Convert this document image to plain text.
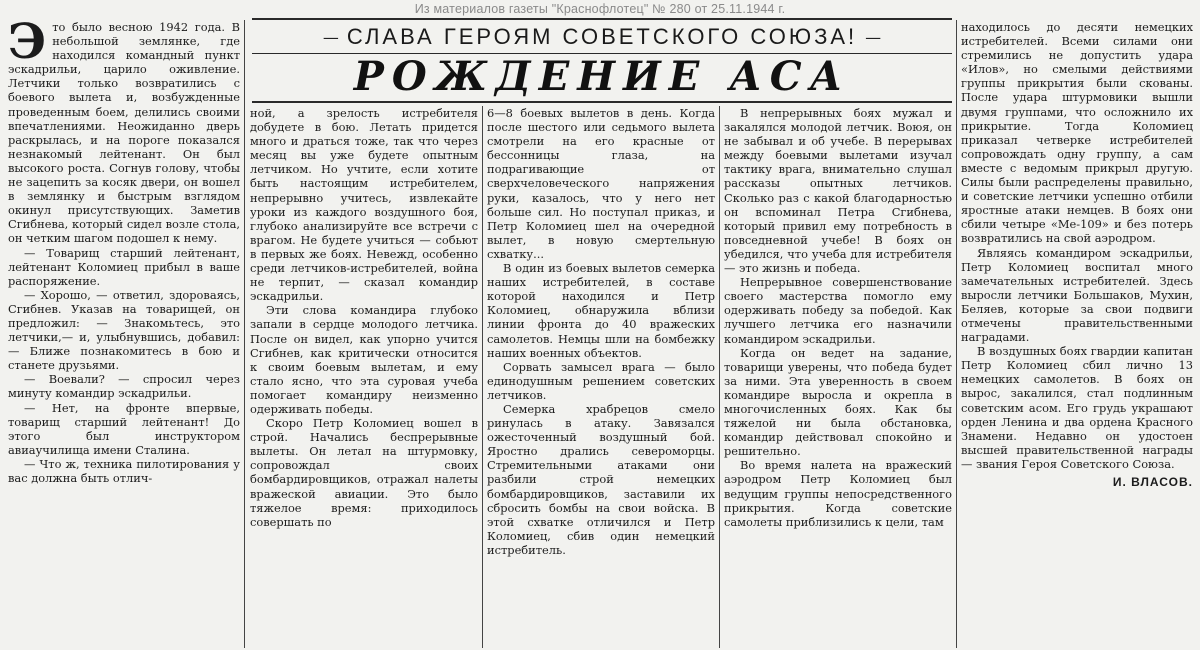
Из материалов газеты "Краснофлотец" № 280 от 25.11.1944 г.
— СЛАВА ГЕРОЯМ СОВЕТСКОГО СОЮЗА! —
РОЖДЕНИЕ АСА

Это было весною 1942 года. В небольшой землянке, где находился командный пункт эскадрильи, царило оживление. Летчики только возвратились с боевого вылета и, возбужденные проведенным боем, делились своими впечатлениями. Неожиданно дверь раскрылась, и на пороге показался незнакомый лейтенант. Он был высокого роста. Согнув голову, чтобы не зацепить за косяк двери, он вошел в землянку и быстрым взглядом окинул присутствующих. Заметив Сгибнева, который сидел возле стола, он четким шагом подошел к нему.

— Товарищ старший лейтенант, лейтенант Коломиец прибыл в ваше распоряжение.

— Хорошо, — ответил, здороваясь, Сгибнев. Указав на товарищей, он предложил: — Знакомьтесь, это летчики,— и, улыбнувшись, добавил: — Ближе познакомитесь в бою и станете друзьями.

— Воевали? — спросил через минуту командир эскадрильи.

— Нет, на фронте впервые, товарищ старший лейтенант! До этого был инструктором авиаучилища имени Сталина.

— Что ж, техника пилотирования у вас должна быть отлич-

ной, а зрелость истребителя добудете в бою. Летать придется много и драться тоже, так что через месяц вы уже будете опытным летчиком. Но учтите, если хотите быть настоящим истребителем, непрерывно учитесь, извлекайте уроки из каждого воздушного боя, глубоко анализируйте все встречи с врагом. Не будете учиться — собьют в первых же боях. Невежд, особенно среди летчиков-истребителей, война не терпит, — сказал командир эскадрильи.

Эти слова командира глубоко запали в сердце молодого летчика. После он видел, как упорно учится Сгибнев, как критически относится к своим боевым вылетам, и ему стало ясно, что эта суровая учеба помогает командиру неизменно одерживать победы.

Скоро Петр Коломиец вошел в строй. Начались беспрерывные вылеты. Он летал на штурмовку, сопровождал своих бомбардировщиков, отражал налеты вражеской авиации. Это было тяжелое время: приходилось совершать по

6—8 боевых вылетов в день. Когда после шестого или седьмого вылета смотрели на его красные от бессонницы глаза, на подрагивающие от сверхчеловеческого напряжения руки, казалось, что у него нет больше сил. Но поступал приказ, и Петр Коломиец шел на очередной вылет, в новую смертельную схватку...

В один из боевых вылетов семерка наших истребителей, в составе которой находился и Петр Коломиец, обнаружила вблизи линии фронта до 40 вражеских самолетов. Немцы шли на бомбежку наших военных объектов.

Сорвать замысел врага — было единодушным решением советских летчиков.

Семерка храбрецов смело ринулась в атаку. Завязался ожесточенный воздушный бой. Яростно дрались североморцы. Стремительными атаками они разбили строй немецких бомбардировщиков, заставили их сбросить бомбы на свои войска. В этой схватке отличился и Петр Коломиец, сбив один немецкий истребитель.

В непрерывных боях мужал и закалялся молодой летчик. Воюя, он не забывал и об учебе. В перерывах между боевыми вылетами изучал тактику врага, внимательно слушал рассказы опытных летчиков. Сколько раз с какой благодарностью он вспоминал Петра Сгибнева, который привил ему потребность в повседневной учебе! В боях он убедился, что учеба для истребителя — это жизнь и победа.

Непрерывное совершенствование своего мастерства помогло ему одерживать победу за победой. Как лучшего летчика его назначили командиром эскадрильи.

Когда он ведет на задание, товарищи уверены, что победа будет за ними. Эта уверенность в своем командире выросла и окрепла в многочисленных боях. Как бы тяжелой ни была обстановка, командир действовал спокойно и решительно.

Во время налета на вражеский аэродром Петр Коломиец был ведущим группы непосредственного прикрытия. Когда советские самолеты приблизились к цели, там

находилось до десяти немецких истребителей. Всеми силами они стремились не допустить удара «Илов», но смелыми действиями группы прикрытия были скованы. После удара штурмовики вышли двумя группами, что осложнило их прикрытие. Тогда Коломиец приказал четверке истребителей сопровождать одну группу, а сам вместе с ведомым прикрыл другую. Силы были распределены правильно, и советские летчики успешно отбили яростные атаки немцев. В боях они сбили четыре «Ме-109» и без потерь возвратились на свой аэродром.

Являясь командиром эскадрильи, Петр Коломиец воспитал много замечательных истребителей. Здесь выросли летчики Большаков, Мухин, Беляев, которые за свои подвиги отмечены правительственными наградами.

В воздушных боях гвардии капитан Петр Коломиец сбил лично 13 немецких самолетов. В боях он вырос, закалился, стал подлинным советским асом. Его грудь украшают орден Ленина и два ордена Красного Знамени. Недавно он удостоен высшей правительственной награды — звания Героя Советского Союза.

И. ВЛАСОВ.
